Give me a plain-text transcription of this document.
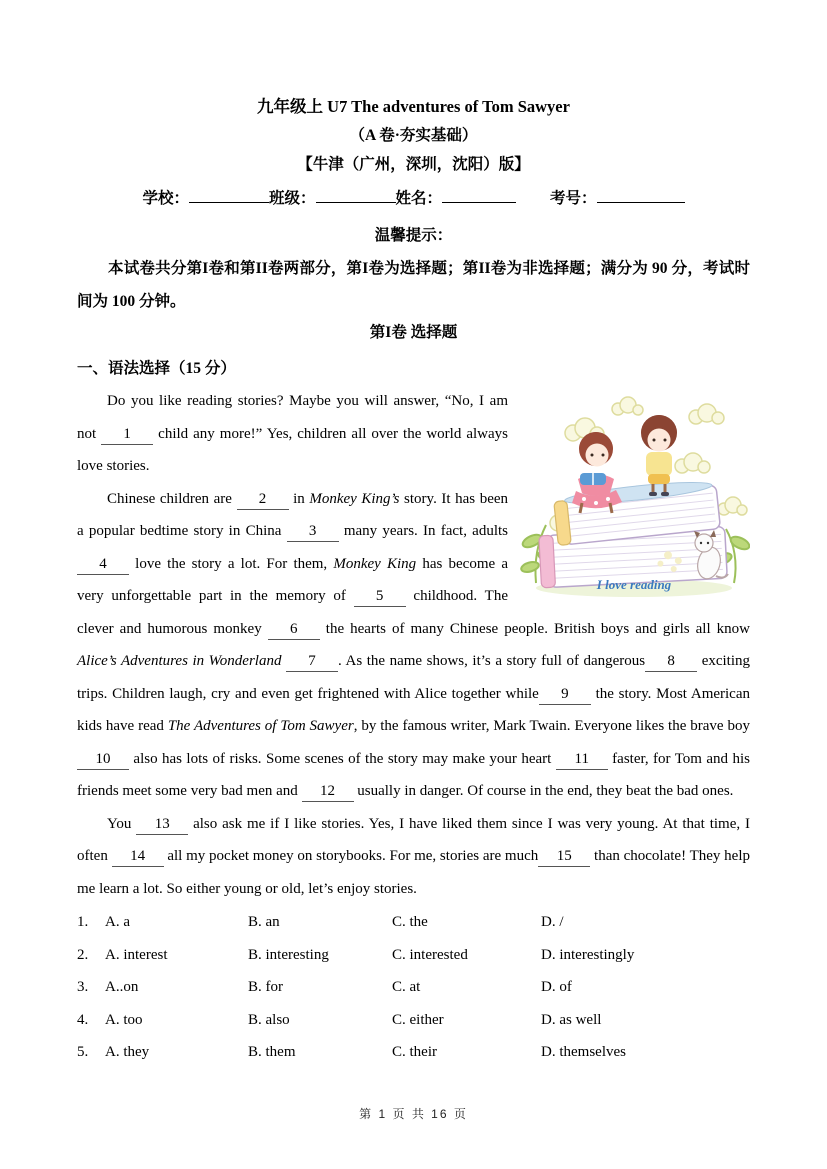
九年级上 U7 The adventures of Tom Sawyer
（A 卷·夯实基础）
【牛津（广州，深圳，沈阳）版】
学校：	班级：	姓名：	考号：
温馨提示：

本试卷共分第I卷和第II卷两部分，第I卷为选择题；第II卷为非选择题；满分为 90 分，考试时间为 100 分钟。

第I卷 选择题
一、语法选择（15 分）
I love reading

Do you like reading stories? Maybe you will answer, “No, I am not 1 child any more!” Yes, children all over the world always love stories.

Chinese children are 2 in Monkey King’s story. It has been a popular bedtime story in China 3 many years. In fact, adults 4 love the story a lot. For them, Monkey King has become a very unforgettable part in the memory of 5 childhood. The clever and humorous monkey 6 the hearts of many Chinese people. British boys and girls all know Alice’s Adventures in Wonderland 7 . As the name shows, it’s a story full of dangerous 8 exciting trips. Children laugh, cry and even get frightened with Alice together while 9 the story. Most American kids have read The Adventures of Tom Sawyer, by the famous writer, Mark Twain. Everyone likes the brave boy 10 also has lots of risks. Some scenes of the story may make your heart 11 faster, for Tom and his friends meet some very bad men and 12 usually in danger. Of course in the end, they beat the bad ones.

You 13 also ask me if I like stories. Yes, I have liked them since I was very young. At that time, I often 14 all my pocket money on storybooks. For me, stories are much 15 than chocolate! They help me learn a lot. So either young or old, let’s enjoy stories.

1.	A. a	B. an	C. the	D. /
2.	A. interest	B. interesting	C. interested	D. interestingly
3.	A..on	B. for	C. at	D. of
4.	A. too	B. also	C. either	D. as well
5.	A. they	B. them	C. their	D. themselves
第 1 页 共 16 页
